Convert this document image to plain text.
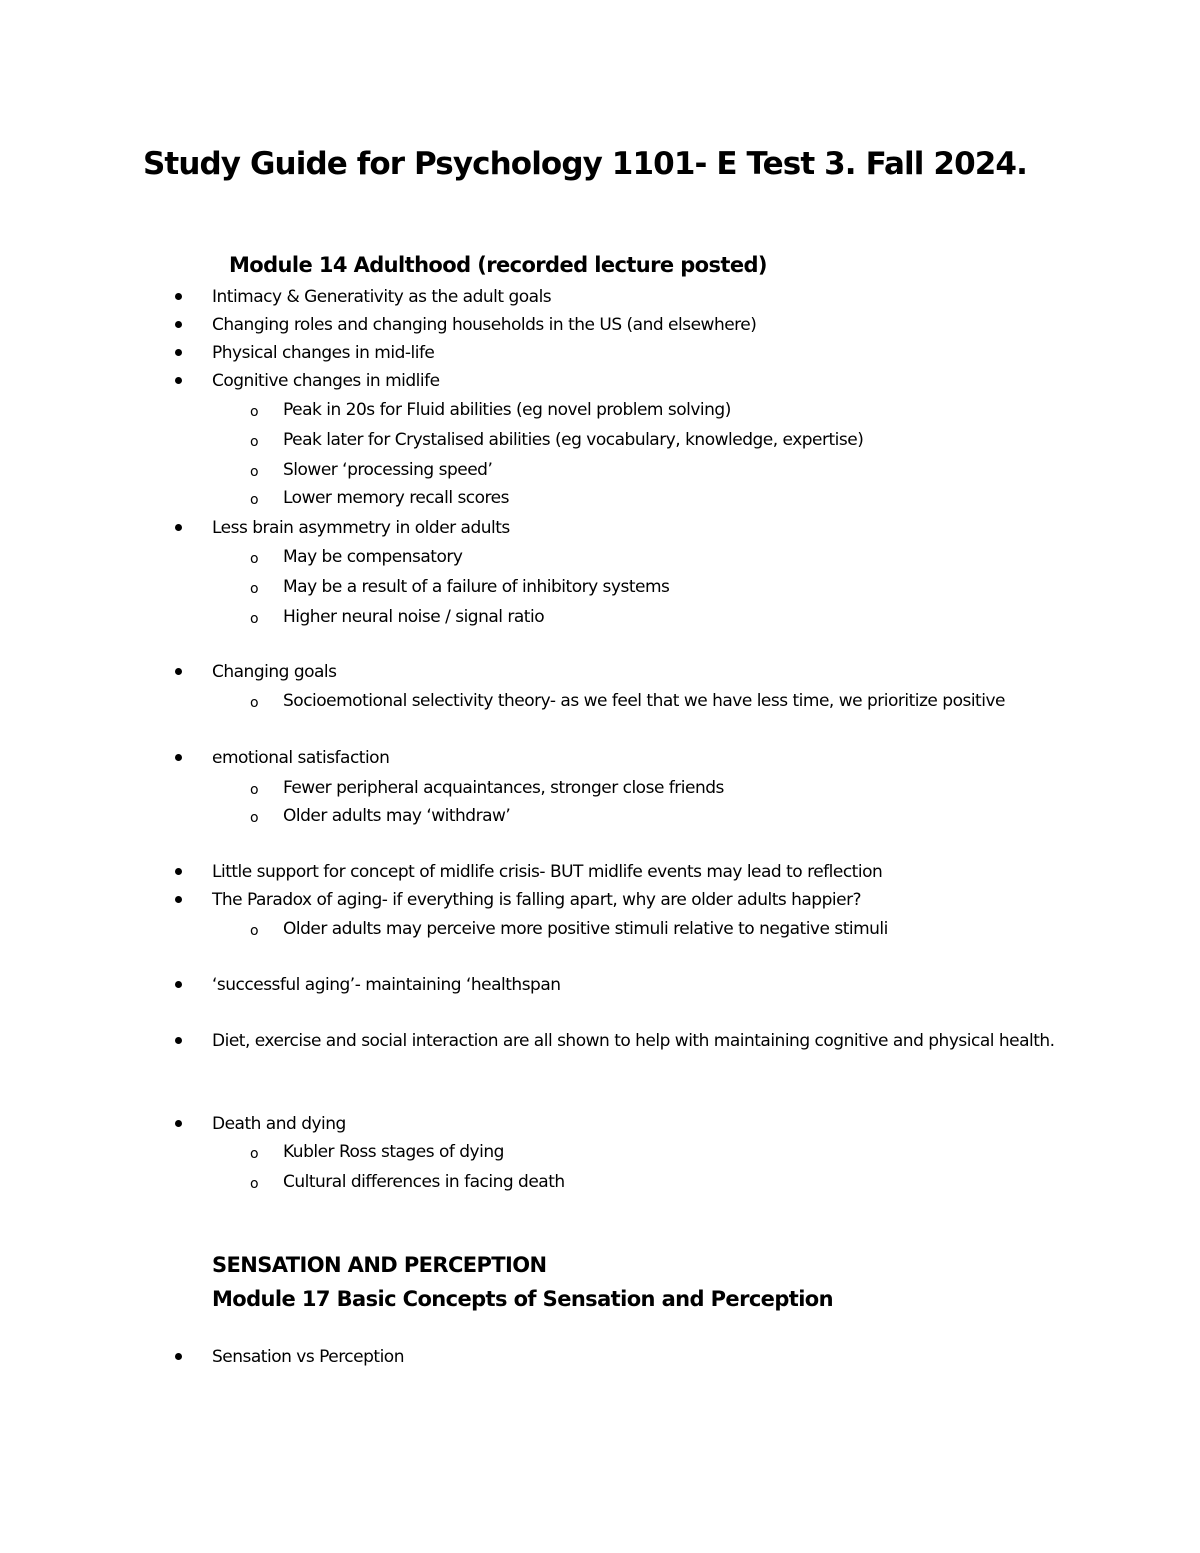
Study Guide for Psychology 1101- E Test 3. Fall 2024.
Module 14 Adulthood (recorded lecture posted)
Intimacy & Generativity as the adult goals
Changing roles and changing households in the US (and elsewhere)
Physical changes in mid-life
Cognitive changes in midlife
o Peak in 20s for Fluid abilities (eg novel problem solving)
o Peak later for Crystalised abilities (eg vocabulary, knowledge, expertise)
o Slower ‘processing speed’
o Lower memory recall scores
Less brain asymmetry in older adults
o May be compensatory
o May be a result of a failure of inhibitory systems
o Higher neural noise / signal ratio
Changing goals
o Socioemotional selectivity theory- as we feel that we have less time, we prioritize positive
emotional satisfaction
o Fewer peripheral acquaintances, stronger close friends
o Older adults may ‘withdraw’
Little support for concept of midlife crisis- BUT midlife events may lead to reflection
The Paradox of aging- if everything is falling apart, why are older adults happier?
o Older adults may perceive more positive stimuli relative to negative stimuli
‘successful aging’- maintaining ‘healthspan
Diet, exercise and social interaction are all shown to help with maintaining cognitive and physical health.
Death and dying
o Kubler Ross stages of dying
o Cultural differences in facing death
SENSATION AND PERCEPTION
Module 17 Basic Concepts of Sensation and Perception
Sensation vs Perception
